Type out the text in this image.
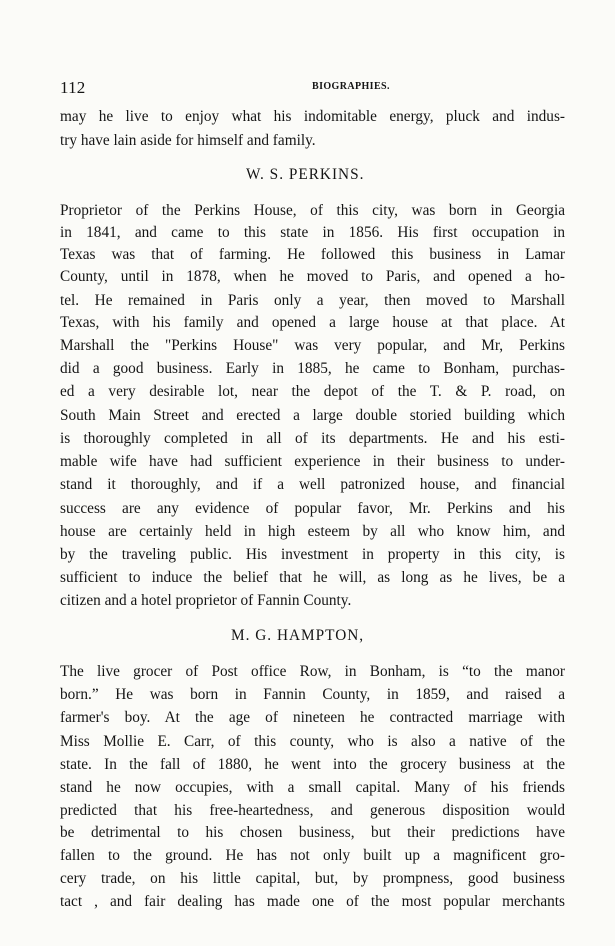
112	BIOGRAPHIES.
may he live to enjoy what his indomitable energy, pluck and indus-
try have lain aside for himself and family.
W. S. PERKINS.
Proprietor of the Perkins House, of this city, was born in Georgia
in 1841, and came to this state in 1856. His first occupation in
Texas was that of farming. He followed this business in Lamar
County, until in 1878, when he moved to Paris, and opened a ho-
tel. He remained in Paris only a year, then moved to Marshall
Texas, with his family and opened a large house at that place. At
Marshall the "Perkins House" was very popular, and Mr, Perkins
did a good business. Early in 1885, he came to Bonham, purchas-
ed a very desirable lot, near the depot of the T. & P. road, on
South Main Street and erected a large double storied building which
is thoroughly completed in all of its departments. He and his esti-
mable wife have had sufficient experience in their business to under-
stand it thoroughly, and if a well patronized house, and financial
success are any evidence of popular favor, Mr. Perkins and his
house are certainly held in high esteem by all who know him, and
by the traveling public. His investment in property in this city, is
sufficient to induce the belief that he will, as long as he lives, be a
citizen and a hotel proprietor of Fannin County.
M. G. HAMPTON,
The live grocer of Post office Row, in Bonham, is “to the manor
born.” He was born in Fannin County, in 1859, and raised a
farmer's boy. At the age of nineteen he contracted marriage with
Miss Mollie E. Carr, of this county, who is also a native of the
state. In the fall of 1880, he went into the grocery business at the
stand he now occupies, with a small capital. Many of his friends
predicted that his free-heartedness, and generous disposition would
be detrimental to his chosen business, but their predictions have
fallen to the ground. He has not only built up a magnificent gro-
cery trade, on his little capital, but, by prompness, good business
tact , and fair dealing has made one of the most popular merchants
